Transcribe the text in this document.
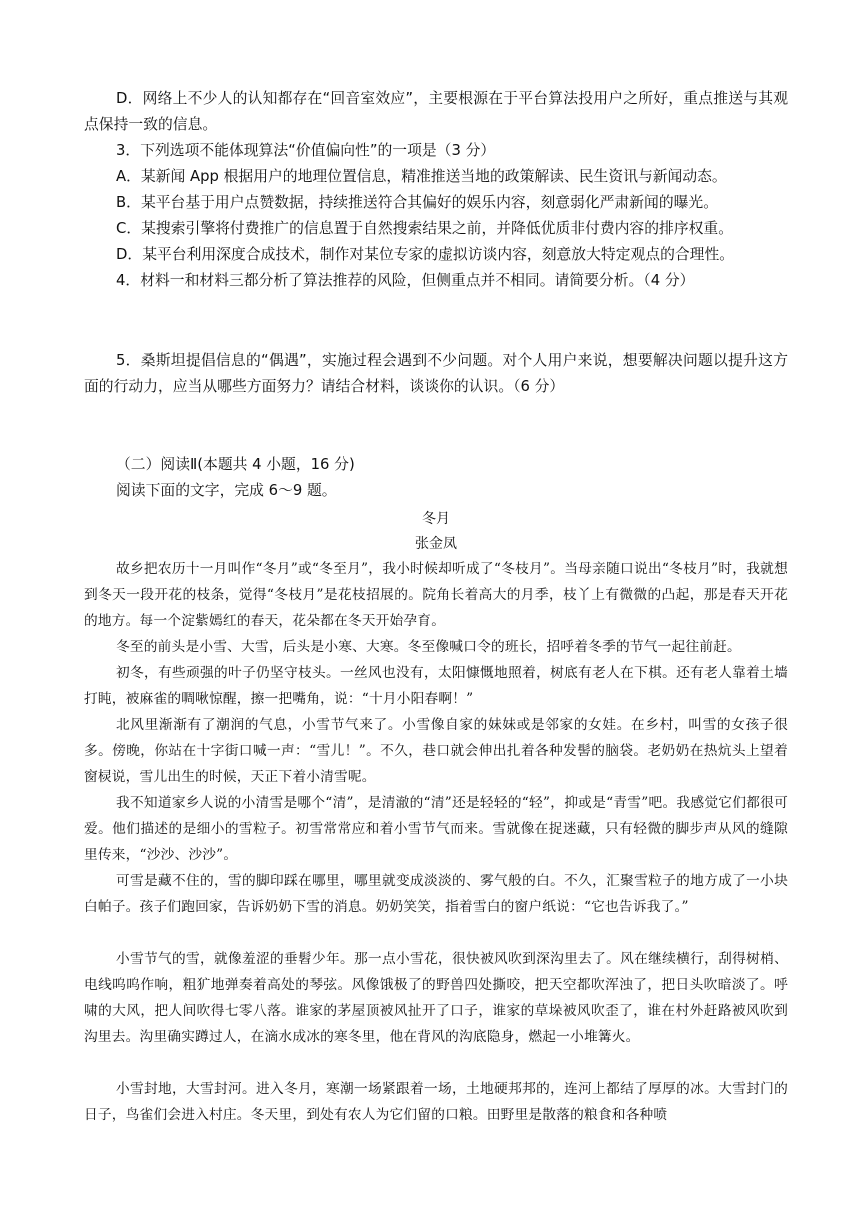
D．网络上不少人的认知都存在“回音室效应”，主要根源在于平台算法投用户之所好，重点推送与其观点保持一致的信息。

3．下列选项不能体现算法“价值偏向性”的一项是（3 分）

A．某新闻 App 根据用户的地理位置信息，精准推送当地的政策解读、民生资讯与新闻动态。

B．某平台基于用户点赞数据，持续推送符合其偏好的娱乐内容，刻意弱化严肃新闻的曝光。

C．某搜索引擎将付费推广的信息置于自然搜索结果之前，并降低优质非付费内容的排序权重。

D．某平台利用深度合成技术，制作对某位专家的虚拟访谈内容，刻意放大特定观点的合理性。

4．材料一和材料三都分析了算法推荐的风险，但侧重点并不相同。请简要分析。（4 分）

5．桑斯坦提倡信息的“偶遇”，实施过程会遇到不少问题。对个人用户来说，想要解决问题以提升这方面的行动力，应当从哪些方面努力？请结合材料，谈谈你的认识。（6 分）

（二）阅读Ⅱ(本题共 4 小题，16 分)

阅读下面的文字，完成 6～9 题。

冬月

张金凤

故乡把农历十一月叫作“冬月”或“冬至月”，我小时候却听成了“冬枝月”。当母亲随口说出“冬枝月”时，我就想到冬天一段开花的枝条，觉得“冬枝月”是花枝招展的。院角长着高大的月季，枝丫上有微微的凸起，那是春天开花的地方。每一个淀紫嫣红的春天，花朵都在冬天开始孕育。

冬至的前头是小雪、大雪，后头是小寒、大寒。冬至像喊口令的班长，招呼着冬季的节气一起往前赶。

初冬，有些顽强的叶子仍坚守枝头。一丝风也没有，太阳慷慨地照着，树底有老人在下棋。还有老人靠着土墙打盹，被麻雀的啁啾惊醒，擦一把嘴角，说：“十月小阳春啊！”

北风里渐渐有了潮润的气息，小雪节气来了。小雪像自家的妹妹或是邻家的女娃。在乡村，叫雪的女孩子很多。傍晚，你站在十字街口喊一声：“雪儿！”。不久，巷口就会伸出扎着各种发髻的脑袋。老奶奶在热炕头上望着窗棂说，雪儿出生的时候，天正下着小清雪呢。

我不知道家乡人说的小清雪是哪个“清”，是清澈的“清”还是轻轻的“轻”，抑或是“青雪”吧。我感觉它们都很可爱。他们描述的是细小的雪粒子。初雪常常应和着小雪节气而来。雪就像在捉迷藏，只有轻微的脚步声从风的缝隙里传来，“沙沙、沙沙”。

可雪是藏不住的，雪的脚印踩在哪里，哪里就变成淡淡的、雾气般的白。不久，汇聚雪粒子的地方成了一小块白帕子。孩子们跑回家，告诉奶奶下雪的消息。奶奶笑笑，指着雪白的窗户纸说：“它也告诉我了。”

小雪节气的雪，就像羞涩的垂髫少年。那一点小雪花，很快被风吹到深沟里去了。风在继续横行，刮得树梢、电线呜呜作响，粗犷地弹奏着高处的琴弦。风像饿极了的野兽四处撕咬，把天空都吹浑浊了，把日头吹暗淡了。呼啸的大风，把人间吹得七零八落。谁家的茅屋顶被风扯开了口子，谁家的草垛被风吹歪了，谁在村外赶路被风吹到沟里去。沟里确实蹲过人，在滴水成冰的寒冬里，他在背风的沟底隐身，燃起一小堆篝火。

小雪封地，大雪封河。进入冬月，寒潮一场紧跟着一场，土地硬邦邦的，连河上都结了厚厚的冰。大雪封门的日子，鸟雀们会进入村庄。冬天里，到处有农人为它们留的口粮。田野里是散落的粮食和各种喷
